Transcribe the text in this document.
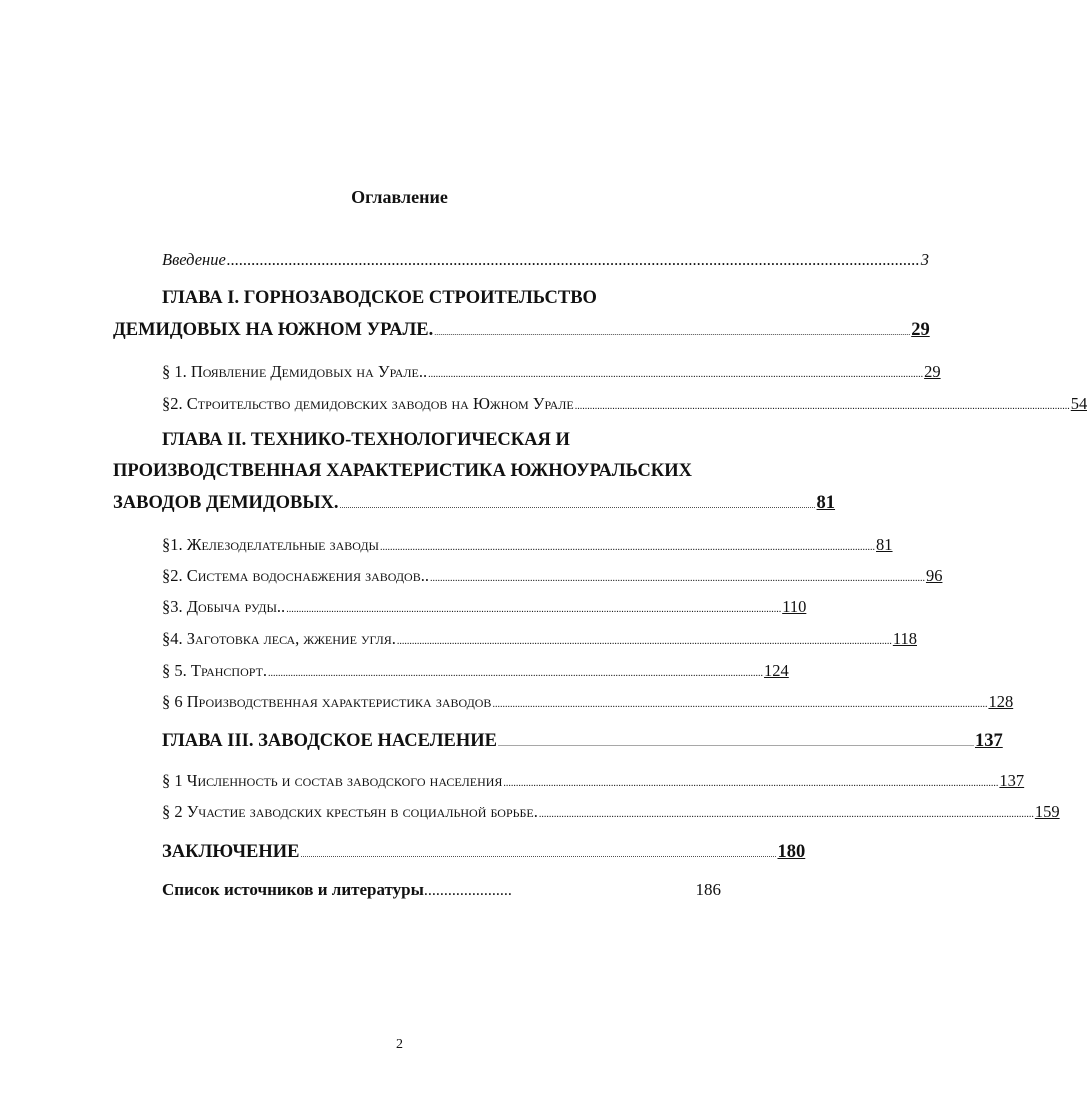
Оглавление
Введение ........................................................................................................................................................................ 3
ГЛАВА I. ГОРНОЗАВОДСКОЕ СТРОИТЕЛЬСТВО
ДЕМИДОВЫХ НА ЮЖНОМ УРАЛЕ. .............................................................................................................................................................................................................................................. 29
§ 1. Появление Демидовых на Урале.. ...................................................................................................................................................................................................... 29
§2. Строительство демидовских заводов на Южном Урале ...................................................................................................................................................................................................... 54
ГЛАВА II. ТЕХНИКО-ТЕХНОЛОГИЧЕСКАЯ И
ПРОИЗВОДСТВЕННАЯ ХАРАКТЕРИСТИКА ЮЖНОУРАЛЬСКИХ
ЗАВОДОВ ДЕМИДОВЫХ. .............................................................................................................................................................................................................................................. 81
§1. Железоделательные заводы ...................................................................................................................................................................................................... 81
§2. Система водоснабжения заводов.. ...................................................................................................................................................................................................... 96
§3. Добыча руды.. ...................................................................................................................................................................................................... 110
§4. Заготовка леса, жжение угля. ...................................................................................................................................................................................................... 118
§ 5. Транспорт. ...................................................................................................................................................................................................... 124
§ 6 Производственная характеристика заводов ...................................................................................................................................................................................................... 128
ГЛАВА III. ЗАВОДСКОЕ НАСЕЛЕНИЕ .............................................................................................................................................................................................................................................. 137
§ 1 Численность и состав заводского населения ...................................................................................................................................................................................................... 137
§ 2 Участие заводских крестьян в социальной борьбе. ...................................................................................................................................................................................................... 159
ЗАКЛЮЧЕНИЕ .............................................................................................................................................................................................................................................. 180
Список источников и литературы ......................	186
2
